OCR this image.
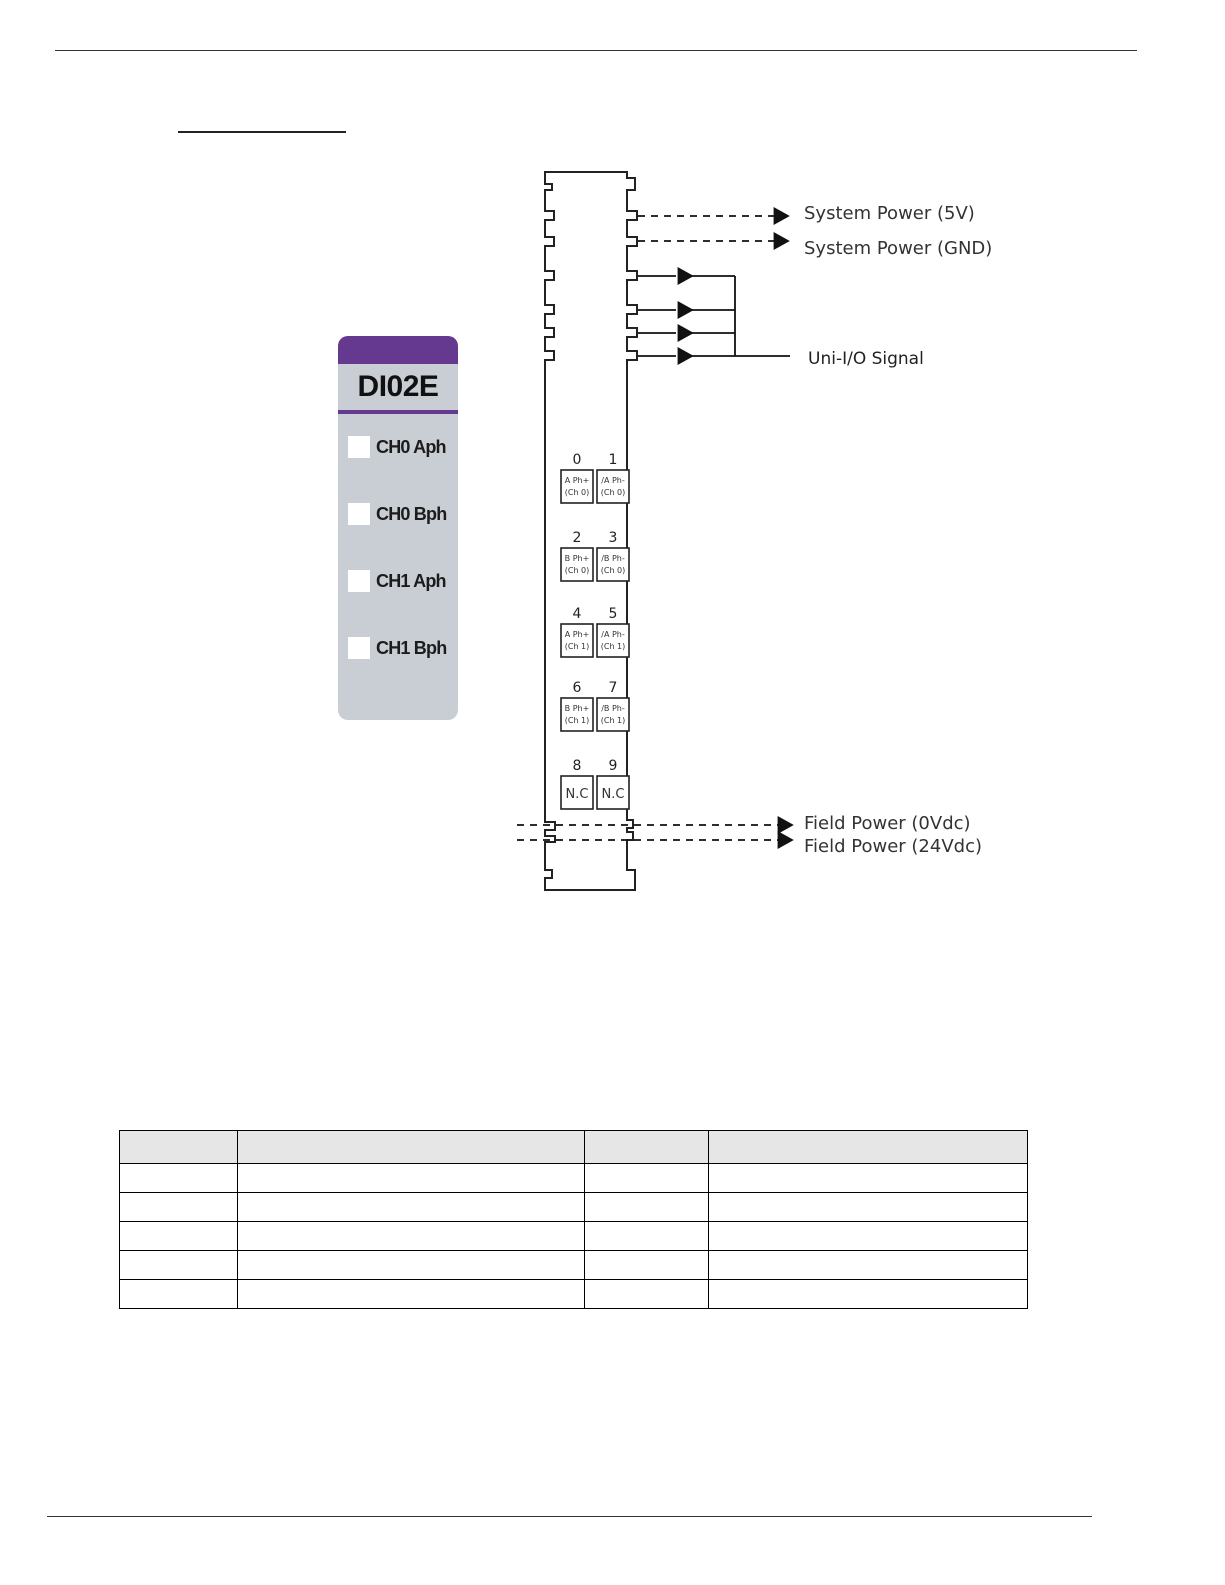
DI02E
CH0 Aph
CH0 Bph
CH1 Aph
CH1 Bph
System Power (5V)
System Power (GND)
Uni-I/O Signal
Field Power (0Vdc)
Field Power (24Vdc)
0
A Ph+
(Ch 0)
1
/A Ph-
(Ch 0)
2
B Ph+
(Ch 0)
3
/B Ph-
(Ch 0)
4
A Ph+
(Ch 1)
5
/A Ph-
(Ch 1)
6
B Ph+
(Ch 1)
7
/B Ph-
(Ch 1)
8
N.C
9
N.C
